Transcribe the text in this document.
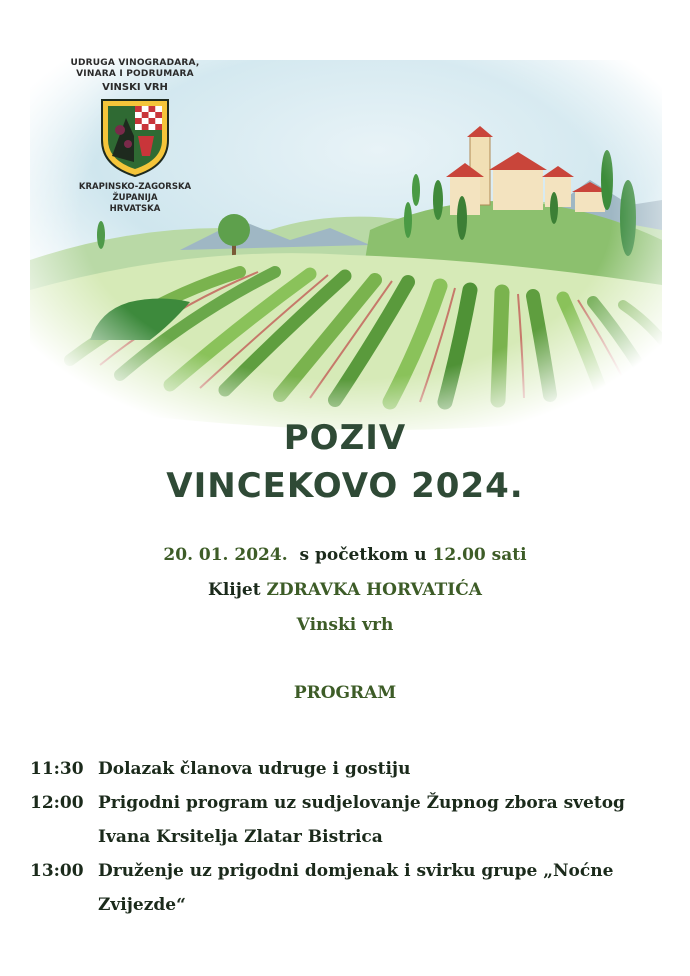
UDRUGA VINOGRADARA,
VINARA I PODRUMARA
VINSKI VRH
KRAPINSKO-ZAGORSKA ŽUPANIJA
HRVATSKA
POZIV
VINCEKOVO 2024.
20. 01. 2024. s početkom u 12.00 sati
Klijet ZDRAVKA HORVATIĆA
Vinski vrh
PROGRAM
11:30 Dolazak članova udruge i gostiju
12:00 Prigodni program uz sudjelovanje Župnog zbora svetog Ivana Krsitelja Zlatar Bistrica
13:00 Druženje uz prigodni domjenak i svirku grupe „Noćne Zvijezde“
